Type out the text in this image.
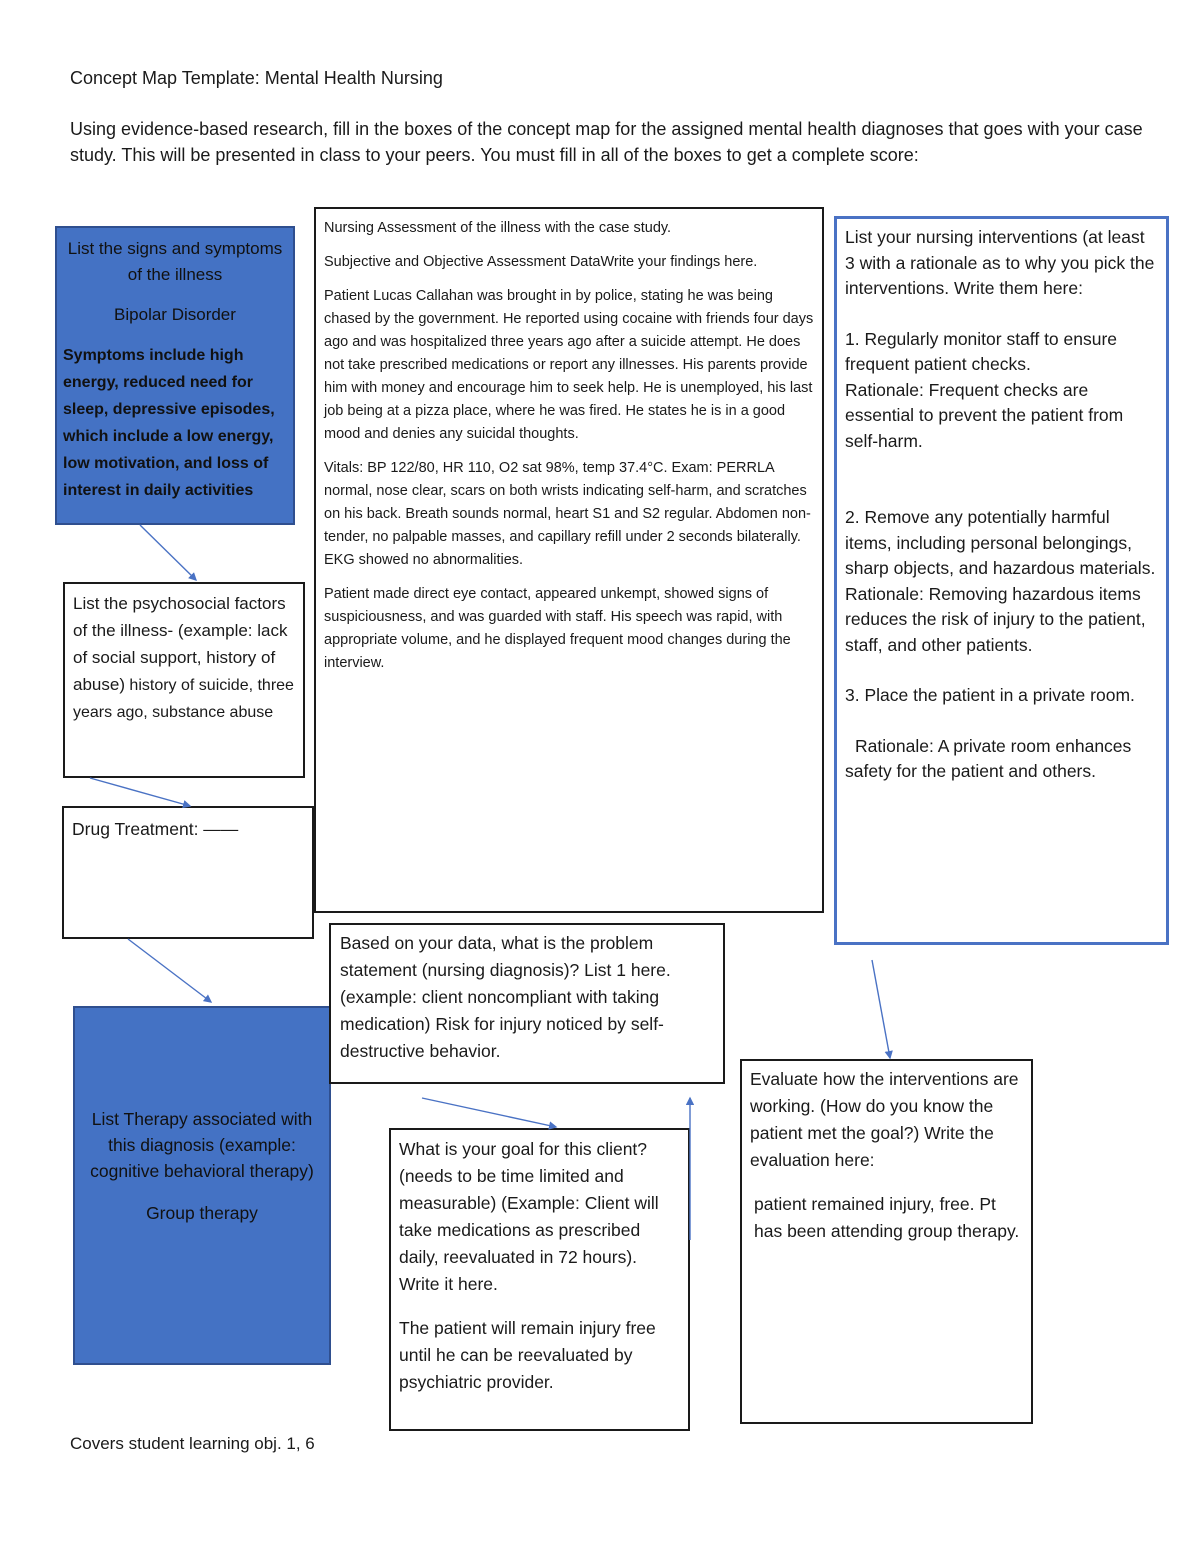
Concept Map Template: Mental Health Nursing
Using evidence-based research, fill in the boxes of the concept map for the assigned mental health diagnoses that goes with your case study. This will be presented in class to your peers. You must fill in all of the boxes to get a complete score:

List the signs and symptoms of the illness

Bipolar Disorder

Symptoms include high energy, reduced need for sleep, depressive episodes, which include a low energy, low motivation, and loss of interest in daily activities

List the psychosocial factors of the illness- (example: lack of social support, history of abuse) history of suicide, three years ago, substance abuse

Drug Treatment: ——

List Therapy associated with this diagnosis (example: cognitive behavioral therapy)

Group therapy

Nursing Assessment of the illness with the case study.

Subjective and Objective Assessment DataWrite your findings here.

Patient Lucas Callahan was brought in by police, stating he was being chased by the government. He reported using cocaine with friends four days ago and was hospitalized three years ago after a suicide attempt. He does not take prescribed medications or report any illnesses. His parents provide him with money and encourage him to seek help. He is unemployed, his last job being at a pizza place, where he was fired. He states he is in a good mood and denies any suicidal thoughts.

Vitals: BP 122/80, HR 110, O2 sat 98%, temp 37.4°C. Exam: PERRLA normal, nose clear, scars on both wrists indicating self-harm, and scratches on his back. Breath sounds normal, heart S1 and S2 regular. Abdomen non-tender, no palpable masses, and capillary refill under 2 seconds bilaterally. EKG showed no abnormalities.

Patient made direct eye contact, appeared unkempt, showed signs of suspiciousness, and was guarded with staff. His speech was rapid, with appropriate volume, and he displayed frequent mood changes during the interview.

List your nursing interventions (at least 3 with a rationale as to why you pick the interventions. Write them here:

1. Regularly monitor staff to ensure frequent patient checks.

Rationale: Frequent checks are essential to prevent the patient from self-harm.

2. Remove any potentially harmful items, including personal belongings, sharp objects, and hazardous materials.

Rationale: Removing hazardous items reduces the risk of injury to the patient, staff, and other patients.

3. Place the patient in a private room.

Rationale: A private room enhances safety for the patient and others.

Based on your data, what is the problem statement (nursing diagnosis)? List 1 here. (example: client noncompliant with taking medication) Risk for injury noticed by self-destructive behavior.

What is your goal for this client? (needs to be time limited and measurable) (Example: Client will take medications as prescribed daily, reevaluated in 72 hours). Write it here.

The patient will remain injury free until he can be reevaluated by psychiatric provider.

Evaluate how the interventions are working. (How do you know the patient met the goal?) Write the evaluation here:

patient remained injury, free. Pt has been attending group therapy.

Covers student learning obj. 1, 6
